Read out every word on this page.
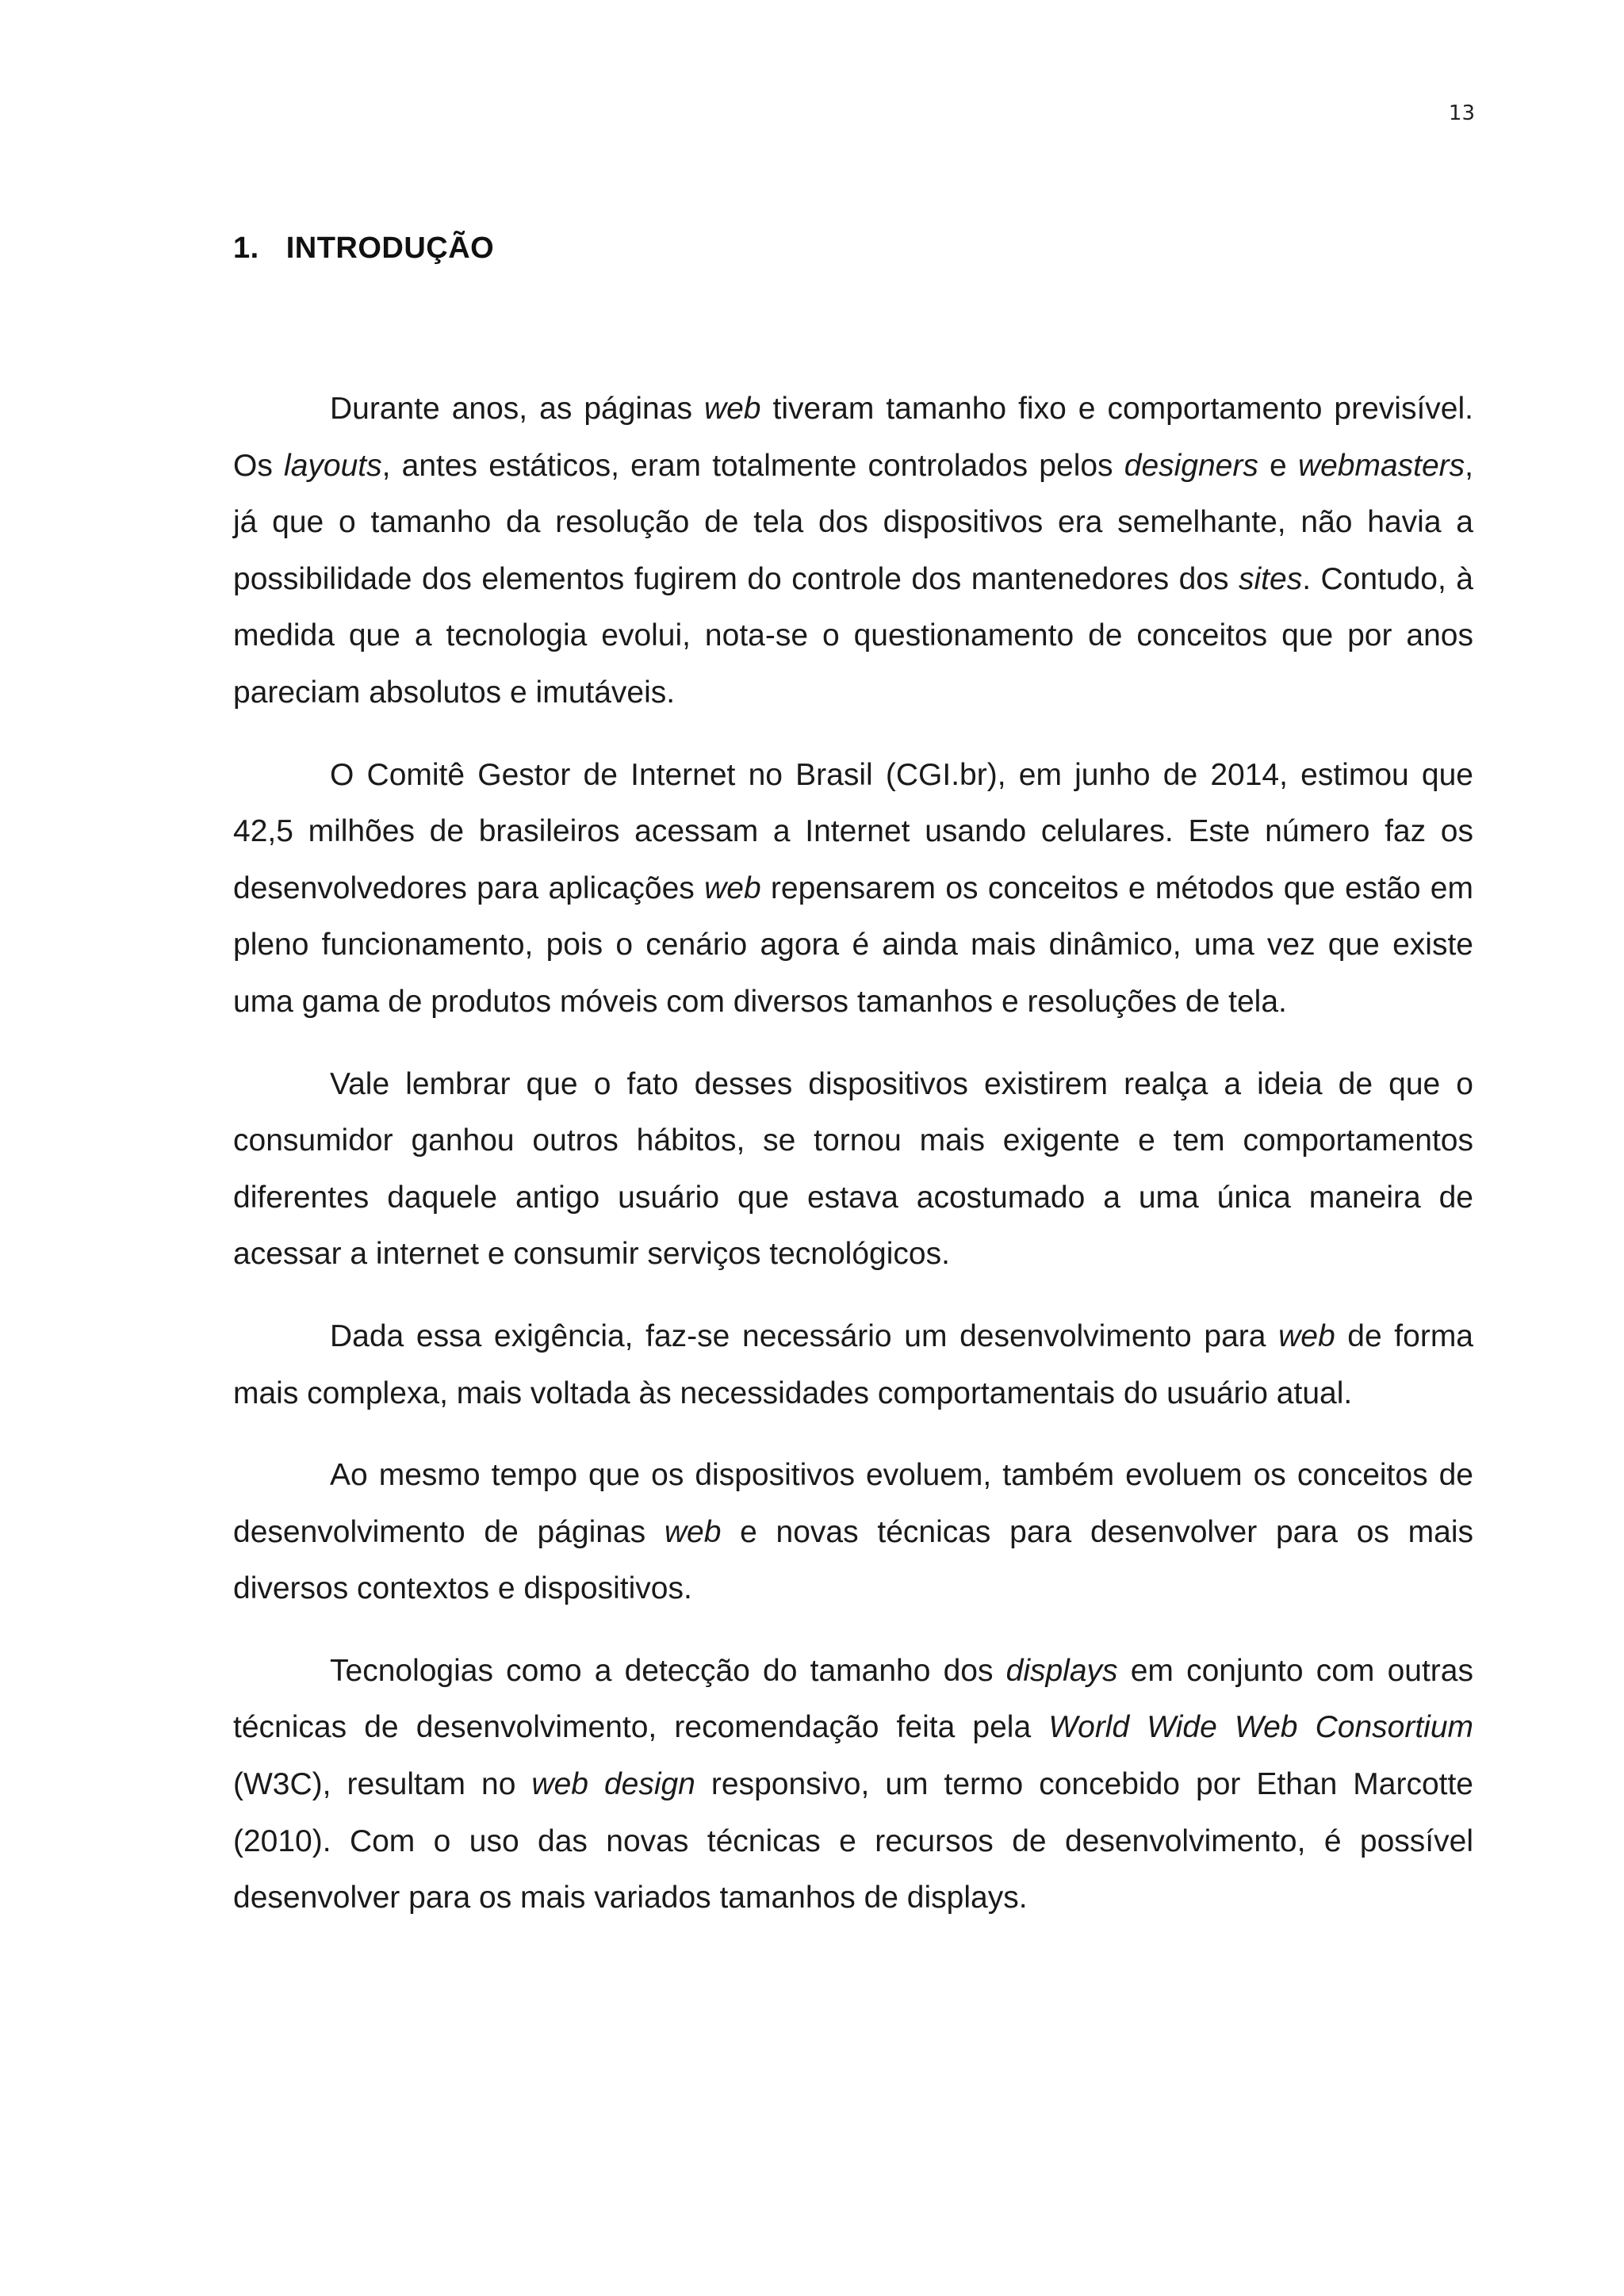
13
1. INTRODUÇÃO

Durante anos, as páginas web tiveram tamanho fixo e comportamento previsível. Os layouts, antes estáticos, eram totalmente controlados pelos designers e webmasters, já que o tamanho da resolução de tela dos dispositivos era semelhante, não havia a possibilidade dos elementos fugirem do controle dos mantenedores dos sites. Contudo, à medida que a tecnologia evolui, nota-se o questionamento de conceitos que por anos pareciam absolutos e imutáveis.

O Comitê Gestor de Internet no Brasil (CGI.br), em junho de 2014, estimou que 42,5 milhões de brasileiros acessam a Internet usando celulares. Este número faz os desenvolvedores para aplicações web repensarem os conceitos e métodos que estão em pleno funcionamento, pois o cenário agora é ainda mais dinâmico, uma vez que existe uma gama de produtos móveis com diversos tamanhos e resoluções de tela.

Vale lembrar que o fato desses dispositivos existirem realça a ideia de que o consumidor ganhou outros hábitos, se tornou mais exigente e tem comportamentos diferentes daquele antigo usuário que estava acostumado a uma única maneira de acessar a internet e consumir serviços tecnológicos.

Dada essa exigência, faz-se necessário um desenvolvimento para web de forma mais complexa, mais voltada às necessidades comportamentais do usuário atual.

Ao mesmo tempo que os dispositivos evoluem, também evoluem os conceitos de desenvolvimento de páginas web e novas técnicas para desenvolver para os mais diversos contextos e dispositivos.

Tecnologias como a detecção do tamanho dos displays em conjunto com outras técnicas de desenvolvimento, recomendação feita pela World Wide Web Consortium (W3C), resultam no web design responsivo, um termo concebido por Ethan Marcotte (2010). Com o uso das novas técnicas e recursos de desenvolvimento, é possível desenvolver para os mais variados tamanhos de displays.
